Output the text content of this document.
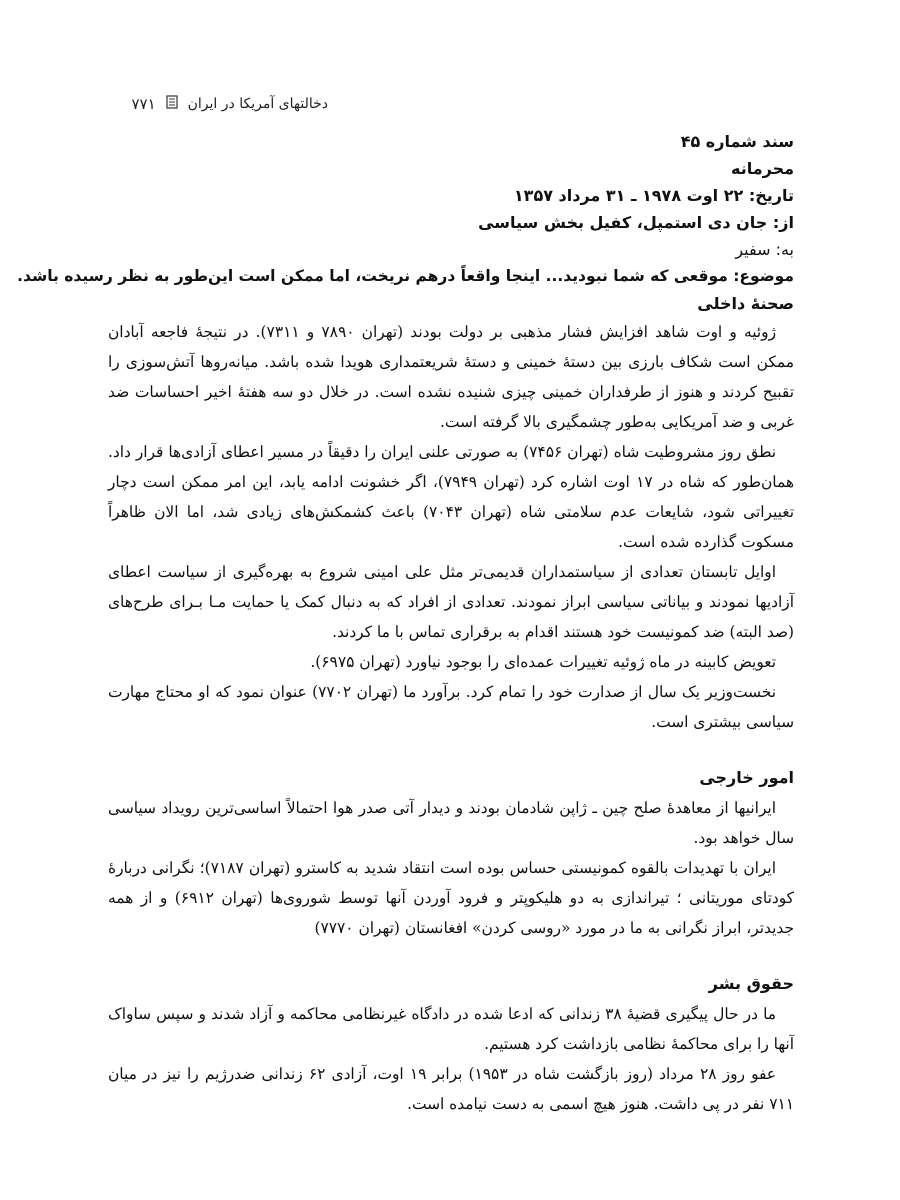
دخالتهای آمریکا در ایران
۷۷۱
سند شماره ۴۵
محرمانه
تاریخ: ۲۲ اوت ۱۹۷۸ ـ ۳۱ مرداد ۱۳۵۷
از: جان دی استمپل، کفیل بخش سیاسی
به: سفیر
موضوع: موقعی که شما نبودید... اینجا واقعاً درهم نریخت، اما ممکن است این‌طور به نظر رسیده باشد.
صحنهٔ داخلی

ژوئیه و اوت شاهد افزایش فشار مذهبی بر دولت بودند (تهران ۷۸۹۰ و ۷۳۱۱). در نتیجهٔ فاجعه آبادان ممکن است شکاف بارزی بین دستهٔ خمینی و دستهٔ شریعتمداری هویدا شده باشد. میانه‌روها آتش‌سوزی را تقبیح کردند و هنوز از طرفداران خمینی چیزی شنیده نشده است. در خلال دو سه هفتهٔ اخیر احساسات ضد غربی و ضد آمریکایی به‌طور چشمگیری بالا گرفته است.

نطق روز مشروطیت شاه (تهران ۷۴۵۶) به صورتی علنی ایران را دقیقاً در مسیر اعطای آزادی‌ها قرار داد. همان‌طور که شاه در ۱۷ اوت اشاره کرد (تهران ۷۹۴۹)، اگر خشونت ادامه یابد، این امر ممکن است دچار تغییراتی شود، شایعات عدم سلامتی شاه (تهران ۷۰۴۳) باعث کشمکش‌های زیادی شد، اما الان ظاهراً مسکوت گذارده شده است.

اوایل تابستان تعدادی از سیاستمداران قدیمی‌تر مثل علی امینی شروع به بهره‌گیری از سیاست اعطای آزادیها نمودند و بیاناتی سیاسی ابراز نمودند. تعدادی از افراد که به دنبال کمک یا حمایت مـا بـرای طرح‌های (صد البته) ضد کمونیست خود هستند اقدام به برقراری تماس با ما کردند.

تعویض کابینه در ماه ژوئیه تغییرات عمده‌ای را بوجود نیاورد (تهران ۶۹۷۵).

نخست‌وزیر یک سال از صدارت خود را تمام کرد. برآورد ما (تهران ۷۷۰۲) عنوان نمود که او محتاج مهارت سیاسی بیشتری است.

امور خارجی

ایرانیها از معاهدهٔ صلح چین ـ ژاپن شادمان بودند و دیدار آتی صدر هوا احتمالاً اساسی‌ترین رویداد سیاسی سال خواهد بود.

ایران با تهدیدات بالقوه کمونیستی حساس بوده است انتقاد شدید به کاسترو (تهران ۷۱۸۷)؛ نگرانی دربارهٔ کودتای موریتانی ؛ تیراندازی به دو هلیکوپتر و فرود آوردن آنها توسط شوروی‌ها (تهران ۶۹۱۲) و از همه جدیدتر، ابراز نگرانی به ما در مورد «روسی کردن» افغانستان (تهران ۷۷۷۰)

حقوق بشر

ما در حال پیگیری قضیهٔ ۳۸ زندانی که ادعا شده در دادگاه غیرنظامی محاکمه و آزاد شدند و سپس ساواک آنها را برای محاکمهٔ نظامی بازداشت کرد هستیم.

عفو روز ۲۸ مرداد (روز بازگشت شاه در ۱۹۵۳) برابر ۱۹ اوت، آزادی ۶۲ زندانی ضدرژیم را نیز در میان ۷۱۱ نفر در پی داشت. هنوز هیچ اسمی به دست نیامده است.
